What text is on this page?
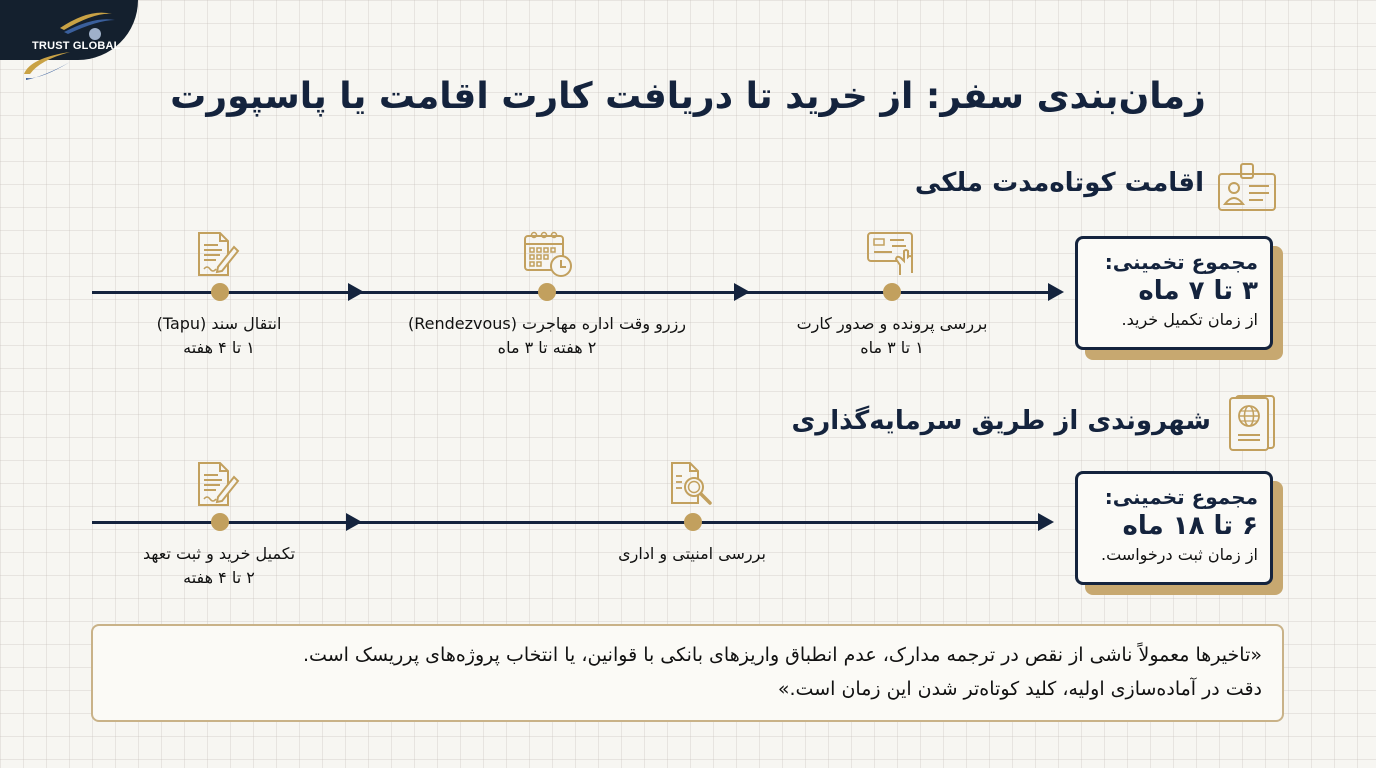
TRUST GLOBAL
زمان‌بندی سفر: از خرید تا دریافت کارت اقامت یا پاسپورت
اقامت کوتاه‌مدت ملکی
انتقال سند (Tapu)
۱ تا ۴ هفته
رزرو وقت اداره مهاجرت (Rendezvous)
۲ هفته تا ۳ ماه
بررسی پرونده و صدور کارت
۱ تا ۳ ماه
مجموع تخمینی:
۳ تا ۷ ماه
از زمان تکمیل خرید.
شهروندی از طریق سرمایه‌گذاری
تکمیل خرید و ثبت تعهد
۲ تا ۴ هفته
بررسی امنیتی و اداری
مجموع تخمینی:
۶ تا ۱۸ ماه
از زمان ثبت درخواست.
«تاخیرها معمولاً ناشی از نقص در ترجمه مدارک، عدم انطباق واریزهای بانکی با قوانین، یا انتخاب پروژه‌های پرریسک است.
دقت در آماده‌سازی اولیه، کلید کوتاه‌تر شدن این زمان است.»
